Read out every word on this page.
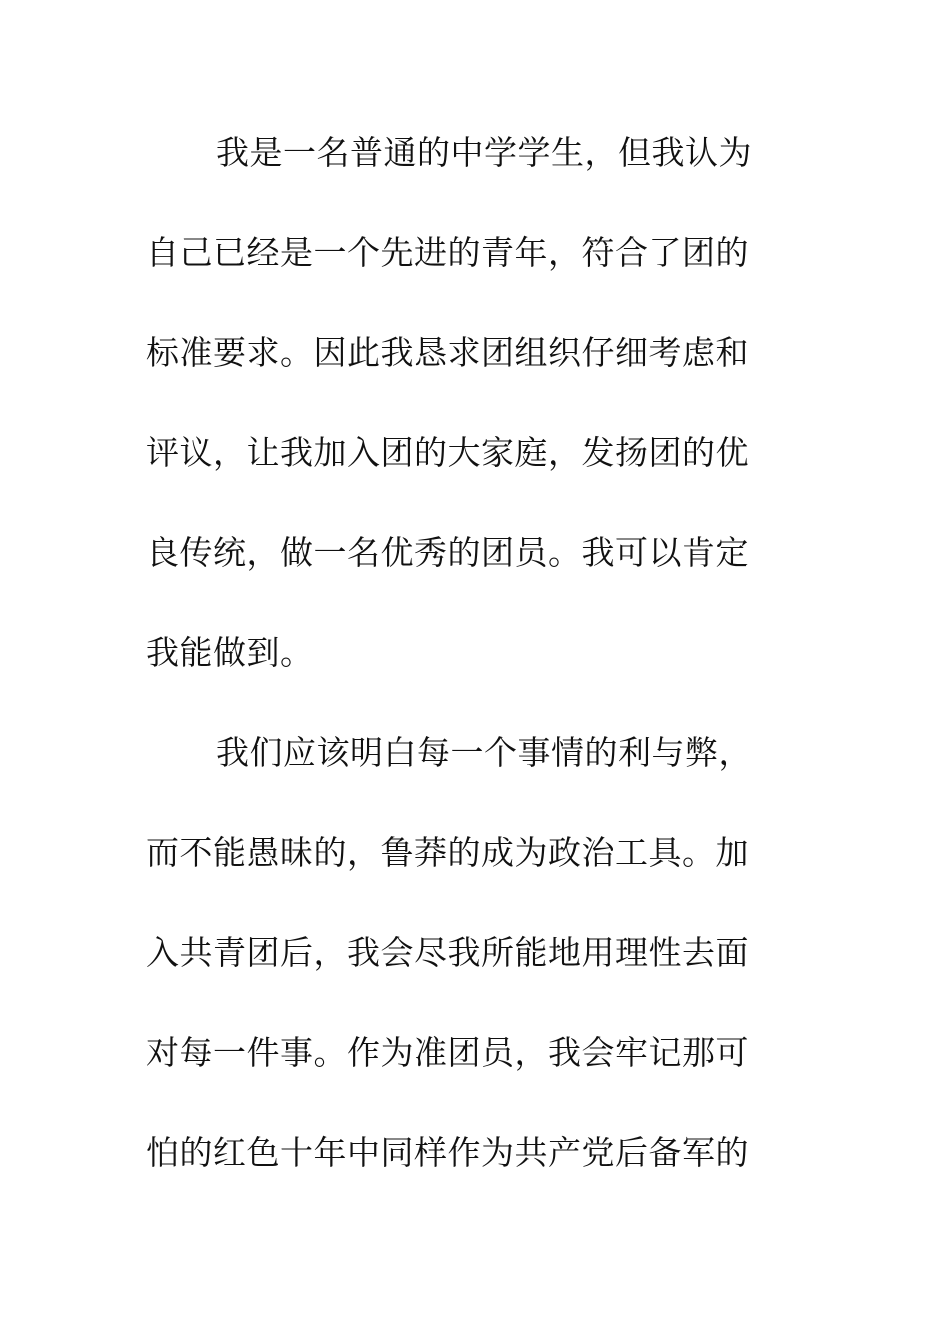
我是一名普通的中学学生，但我认为
自己已经是一个先进的青年，符合了团的
标准要求。因此我恳求团组织仔细考虑和
评议，让我加入团的大家庭，发扬团的优
良传统，做一名优秀的团员。我可以肯定
我能做到。
我们应该明白每一个事情的利与弊，
而不能愚昧的，鲁莽的成为政治工具。加
入共青团后，我会尽我所能地用理性去面
对每一件事。作为准团员，我会牢记那可
怕的红色十年中同样作为共产党后备军的
